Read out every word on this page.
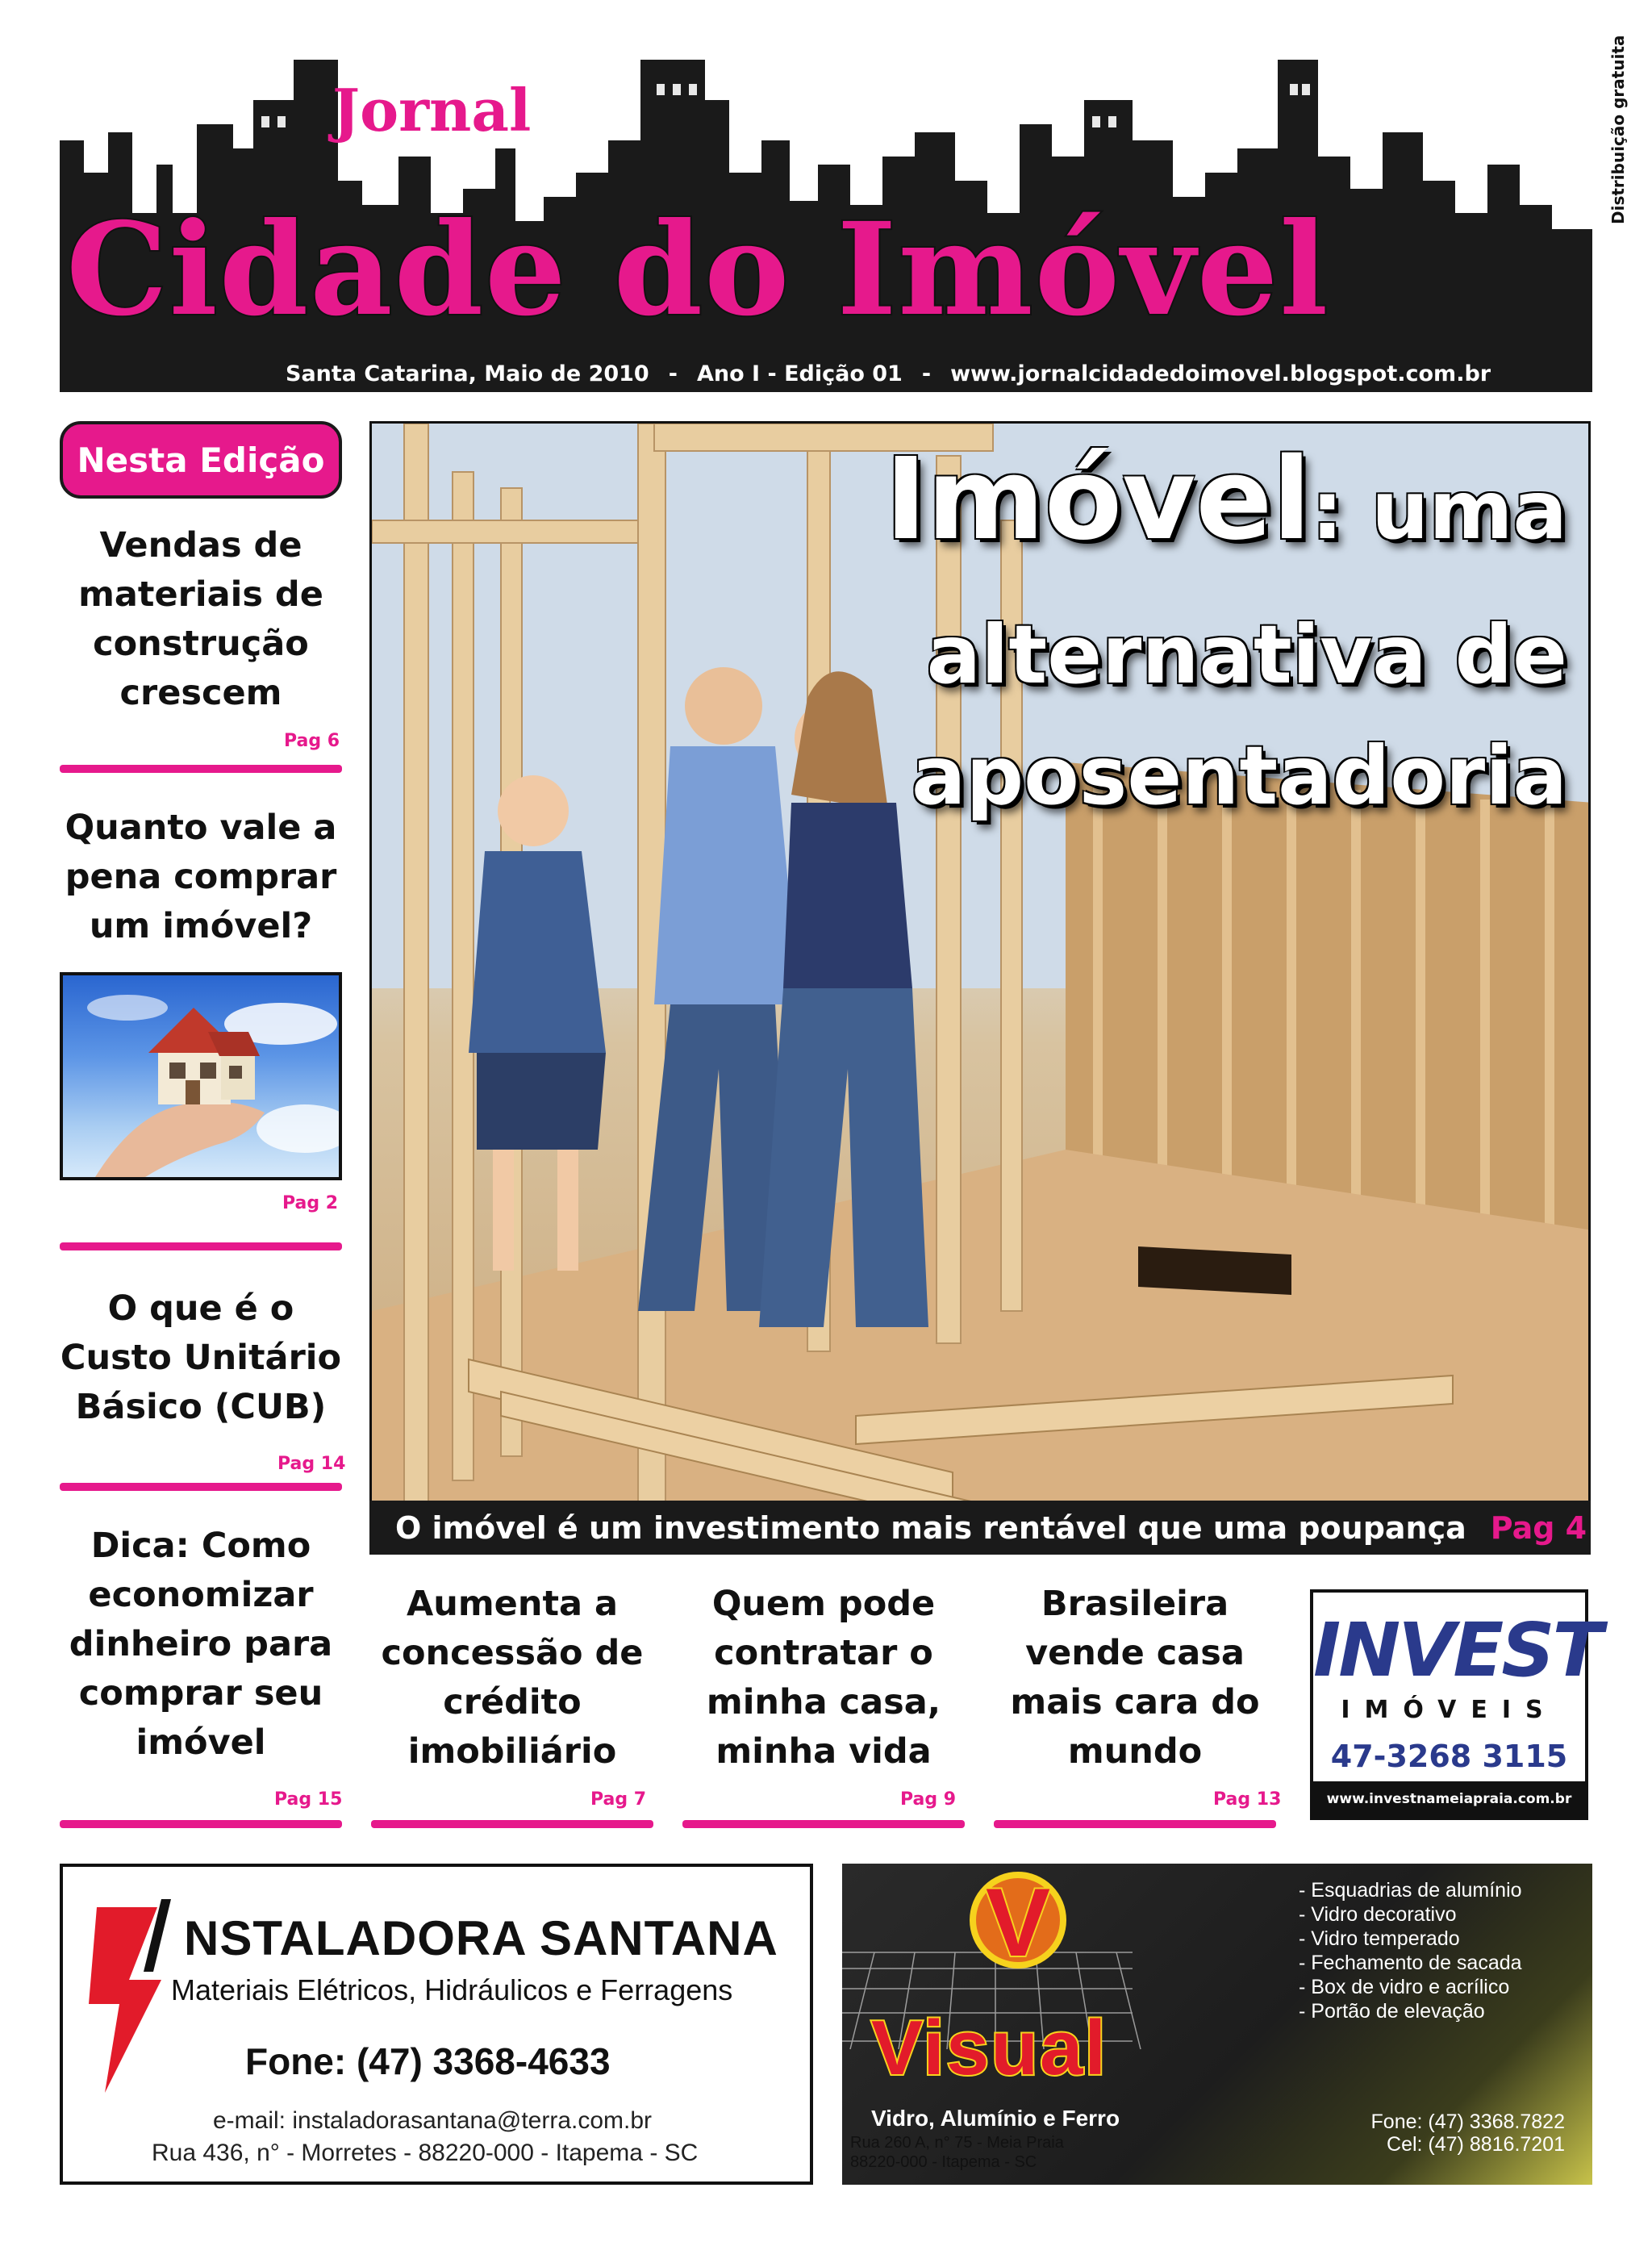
Jornal
Cidade do Imóvel
Santa Catarina, Maio de 2010 - Ano I - Edição 01 - www.jornalcidadedoimovel.blogspot.com.br
Distribuição gratuita
Nesta Edição
Vendas de materiais de construção crescem
Pag 6
Quanto vale a pena comprar um imóvel?
Pag 2
O que é o Custo Unitário Básico (CUB)
Pag 14
Dica: Como economizar dinheiro para comprar seu imóvel
Pag 15
Imóvel: uma
alternativa de
aposentadoria
O imóvel é um investimento mais rentável que uma poupança Pag 4
Aumenta a concessão de crédito imobiliário
Pag 7
Quem pode contratar o minha casa, minha vida
Pag 9
Brasileira vende casa mais cara do mundo
Pag 13
INVEST
IMÓVEIS
47-3268 3115
www.investnameiapraia.com.br
NSTALADORA SANTANA
Materiais Elétricos, Hidráulicos e Ferragens
Fone: (47) 3368-4633
e-mail: instaladorasantana@terra.com.br
Rua 436, n° - Morretes - 88220-000 - Itapema - SC
V
Visual
Vidro, Alumínio e Ferro
- Esquadrias de alumínio
- Vidro decorativo
- Vidro temperado
- Fechamento de sacada
- Box de vidro e acrílico
- Portão de elevação
Fone: (47) 3368.7822
Cel: (47) 8816.7201
Rua 260 A, n° 75 - Meia Praia
88220-000 - Itapema - SC
